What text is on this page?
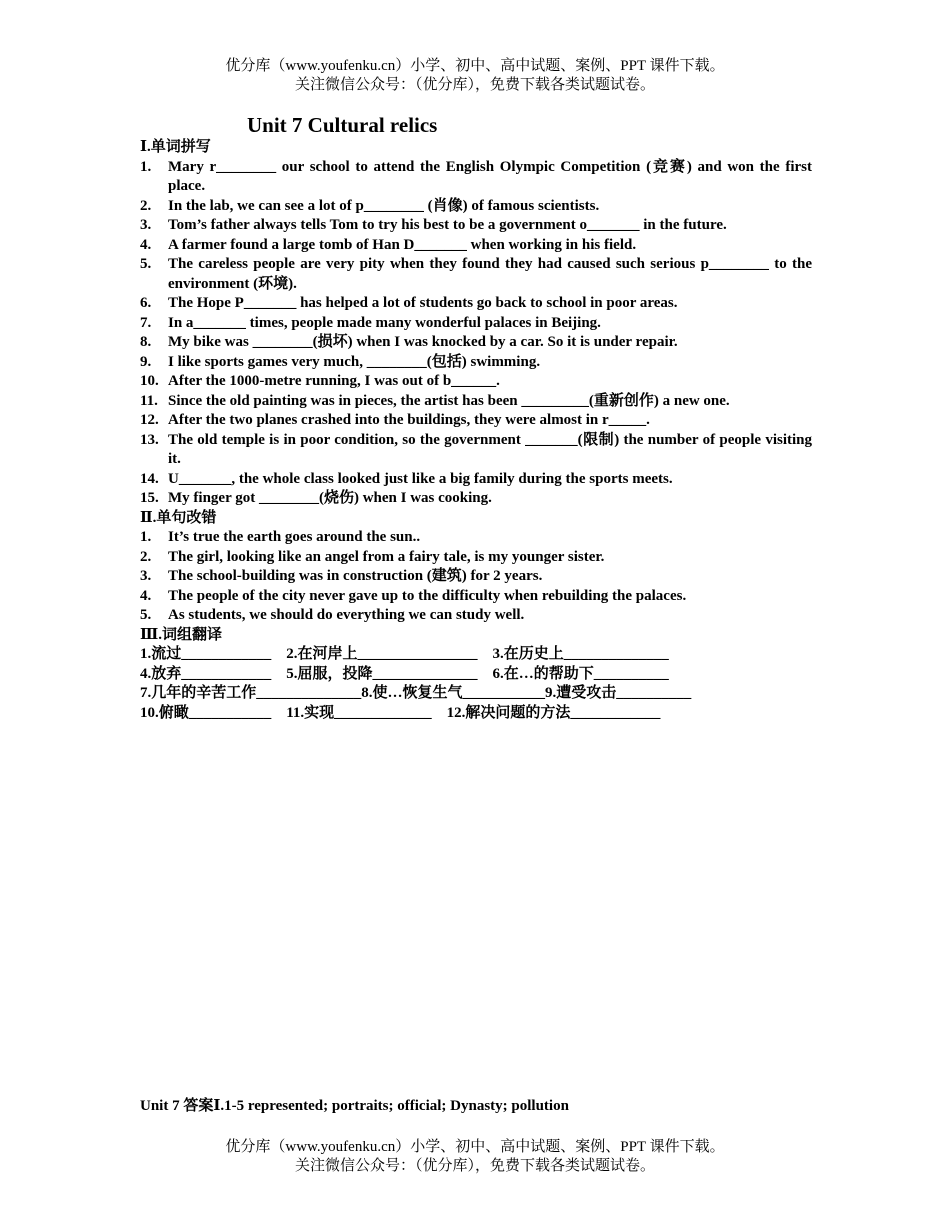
优分库（www.youfenku.cn）小学、初中、高中试题、案例、PPT 课件下载。
关注微信公众号：（优分库），免费下载各类试题试卷。
Unit 7 Cultural relics
Ⅰ.单词拼写
1. Mary r________ our school to attend the English Olympic Competition (竞赛) and won the first place.
2. In the lab, we can see a lot of p________ (肖像) of famous scientists.
3. Tom’s father always tells Tom to try his best to be a government o_______ in the future.
4. A farmer found a large tomb of Han D_______ when working in his field.
5. The careless people are very pity when they found they had caused such serious p________ to the environment (环境).
6. The Hope P_______ has helped a lot of students go back to school in poor areas.
7. In a_______ times, people made many wonderful palaces in Beijing.
8. My bike was ________(损坏) when I was knocked by a car. So it is under repair.
9. I like sports games very much, ________(包括) swimming.
10. After the 1000-metre running, I was out of b______.
11. Since the old painting was in pieces, the artist has been _________(重新创作) a new one.
12. After the two planes crashed into the buildings, they were almost in r_____.
13. The old temple is in poor condition, so the government _______(限制) the number of people visiting it.
14. U_______, the whole class looked just like a big family during the sports meets.
15. My finger got ________(烧伤) when I was cooking.
Ⅱ.单句改错
1. It’s true the earth goes around the sun..
2. The girl, looking like an angel from a fairy tale, is my younger sister.
3. The school-building was in construction (建筑) for 2 years.
4. The people of the city never gave up to the difficulty when rebuilding the palaces.
5. As students, we should do everything we can study well.
Ⅲ.词组翻译
1.流过____________    2.在河岸上________________    3.在历史上______________
4.放弃____________    5.屈服，投降______________    6.在…的帮助下__________
7.几年的辛苦工作______________8.使…恢复生气___________9.遭受攻击__________
10.俯瞰___________    11.实现_____________    12.解决问题的方法____________
Unit 7 答案Ⅰ.1-5 represented; portraits; official; Dynasty; pollution
优分库（www.youfenku.cn）小学、初中、高中试题、案例、PPT 课件下载。
关注微信公众号：（优分库），免费下载各类试题试卷。
